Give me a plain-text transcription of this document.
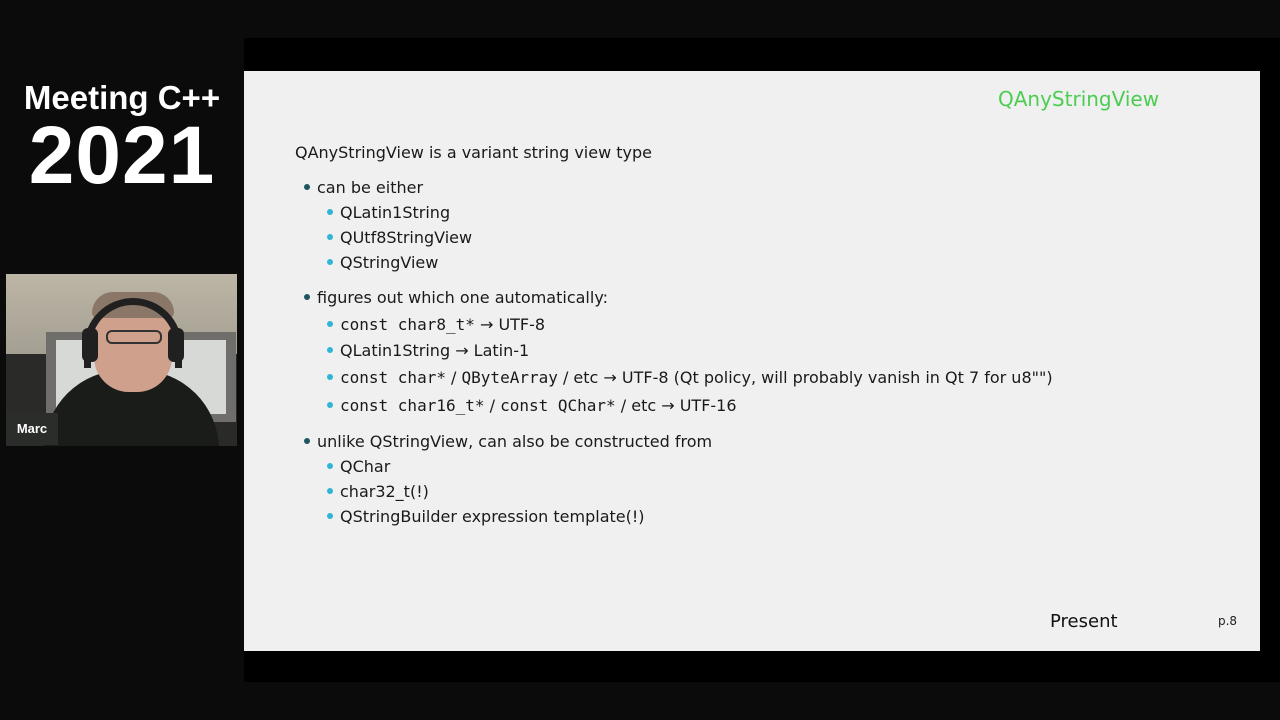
Meeting C++
2021
Marc
QAnyStringView
QAnyStringView is a variant string view type
can be either
QLatin1String
QUtf8StringView
QStringView
figures out which one automatically:
const char8_t* → UTF-8
QLatin1String → Latin-1
const char* / QByteArray / etc → UTF-8 (Qt policy, will probably vanish in Qt 7 for u8"")
const char16_t* / const QChar* / etc → UTF-16
unlike QStringView, can also be constructed from
QChar
char32_t(!)
QStringBuilder expression template(!)
Present	p.8
